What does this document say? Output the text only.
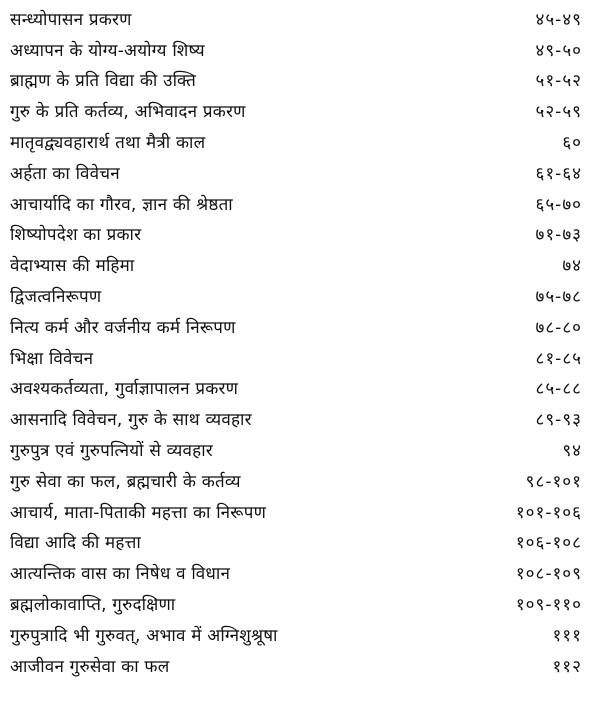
सन्ध्योपासन प्रकरण	४५-४९
अध्यापन के योग्य-अयोग्य शिष्य	४९-५०
ब्राह्मण के प्रति विद्या की उक्ति	५१-५२
गुरु के प्रति कर्तव्य, अभिवादन प्रकरण	५२-५९
मातृवद्व्यवहारार्थ तथा मैत्री काल	६०
अर्हता का विवेचन	६१-६४
आचार्यादि का गौरव, ज्ञान की श्रेष्ठता	६५-७०
शिष्योपदेश का प्रकार	७१-७३
वेदाभ्यास की महिमा	७४
द्विजत्वनिरूपण	७५-७८
नित्य कर्म और वर्जनीय कर्म निरूपण	७८-८०
भिक्षा विवेचन	८१-८५
अवश्यकर्तव्यता, गुर्वाज्ञापालन प्रकरण	८५-८८
आसनादि विवेचन, गुरु के साथ व्यवहार	८९-९३
गुरुपुत्र एवं गुरुपत्नियों से व्यवहार	९४
गुरु सेवा का फल, ब्रह्मचारी के कर्तव्य	९८-१०१
आचार्य, माता-पिताकी महत्ता का निरूपण	१०१-१०६
विद्या आदि की महत्ता	१०६-१०८
आत्यन्तिक वास का निषेध व विधान	१०८-१०९
ब्रह्मलोकावाप्ति, गुरुदक्षिणा	१०९-११०
गुरुपुत्रादि भी गुरुवत्, अभाव में अग्निशुश्रूषा	१११
आजीवन गुरुसेवा का फल	११२
